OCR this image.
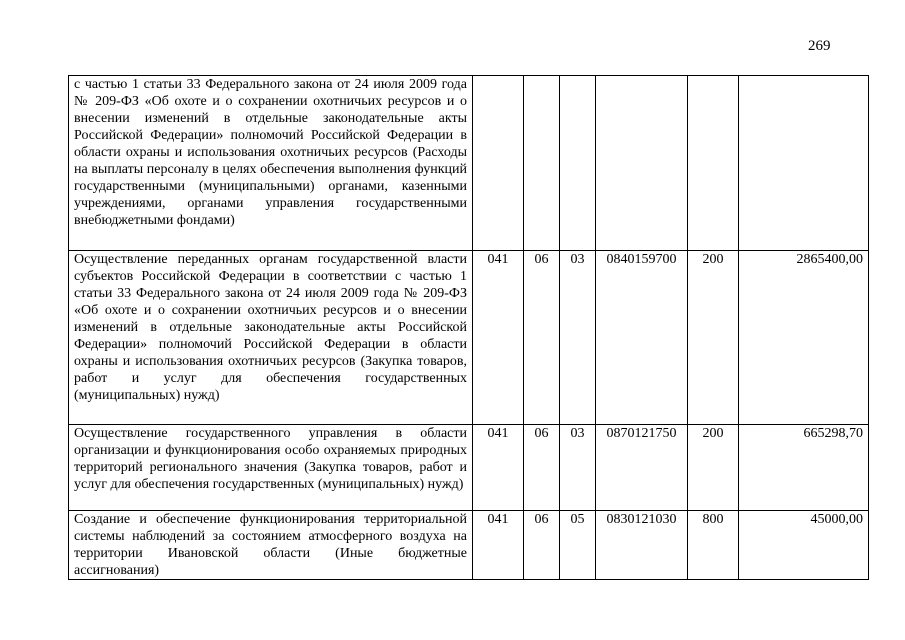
269
с частью 1 статьи 33 Федерального закона от 24 июля 2009 года № 209-ФЗ «Об охоте и о сохранении охотничьих ресурсов и о внесении изменений в отдельные законодательные акты Российской Федерации» полномочий Российской Федерации в области охраны и использования охотничьих ресурсов (Расходы на выплаты персоналу в целях обеспечения выполнения функций государственными (муниципальными) органами, казенными учреждениями, органами управления государственными внебюджетными фондами)						
Осуществление переданных органам государственной власти субъектов Российской Федерации в соответствии с частью 1 статьи 33 Федерального закона от 24 июля 2009 года № 209-ФЗ «Об охоте и о сохранении охотничьих ресурсов и о внесении изменений в отдельные законодательные акты Российской Федерации» полномочий Российской Федерации в области охраны и использования охотничьих ресурсов (Закупка товаров, работ и услуг для обеспечения государственных (муниципальных) нужд)	041	06	03	0840159700	200	2865400,00
Осуществление государственного управления в области организации и функционирования особо охраняемых природных территорий регионального значения (Закупка товаров, работ и услуг для обеспечения государственных (муниципальных) нужд)	041	06	03	0870121750	200	665298,70
Создание и обеспечение функционирования территориальной системы наблюдений за состоянием атмосферного воздуха на территории Ивановской области (Иные бюджетные ассигнования)	041	06	05	0830121030	800	45000,00
